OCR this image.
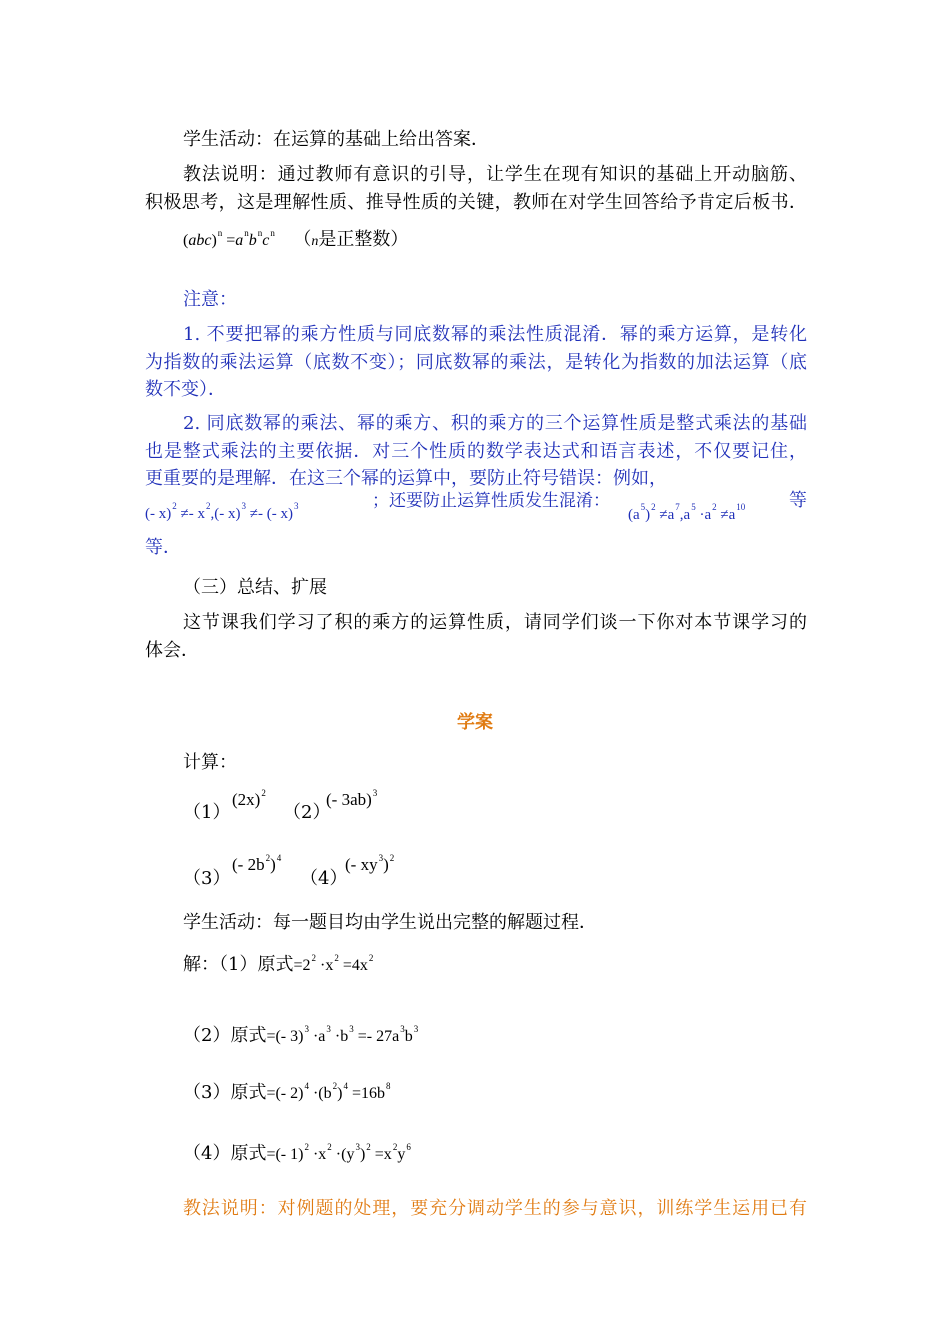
学生活动：在运算的基础上给出答案．
教法说明：通过教师有意识的引导，让学生在现有知识的基础上开动脑筋、
积极思考，这是理解性质、推导性质的关键，教师在对学生回答给予肯定后板书．
$(abc)^n =a^nb^nc^n$ （n是正整数）
注意：
1. 不要把幂的乘方性质与同底数幂的乘法性质混淆．幂的乘方运算，是转化
为指数的乘法运算（底数不变）；同底数幂的乘法，是转化为指数的加法运算（底
数不变）．
2. 同底数幂的乘法、幂的乘方、积的乘方的三个运算性质是整式乘法的基础
也是整式乘法的主要依据．对三个性质的数学表达式和语言表述，不仅要记住，
更重要的是理解．在这三个幂的运算中，要防止符号错误：例如，
(- $x)^2 \ne- x^2,(-$ x)$^3$ ≠- (- x)$^3$	；还要防止运算性质发生混淆：
$(a^5)^2 \ne a^7,a^5 \cdot a^2 \ne a^{10}$ 等
等．
（三）总结、扩展
这节课我们学习了积的乘方的运算性质，请同学们谈一下你对本节课学习的
体会．
学案
计算：
（1）
$(2x)^2$
（2）
(- 3ab)$^3$
（3）
(- $2b^2)^4$
（4）
(- $xy^3)^2$
学生活动：每一题目均由学生说出完整的解题过程．
解：（1）原式$=2^2 \cdot x^2 =4x^2$
（2）原式=(- $3)^3 \cdot a^3 \cdot b^3 =- 27a^3b^3$
（3）原式=(- $2)^4 \cdot(b^2)^4 =16b^8$
（4）原式=(- $1)^2 \cdot x^2 \cdot(y^3)^2 =x^2y^6$
教法说明：对例题的处理，要充分调动学生的参与意识，训练学生运用已有
